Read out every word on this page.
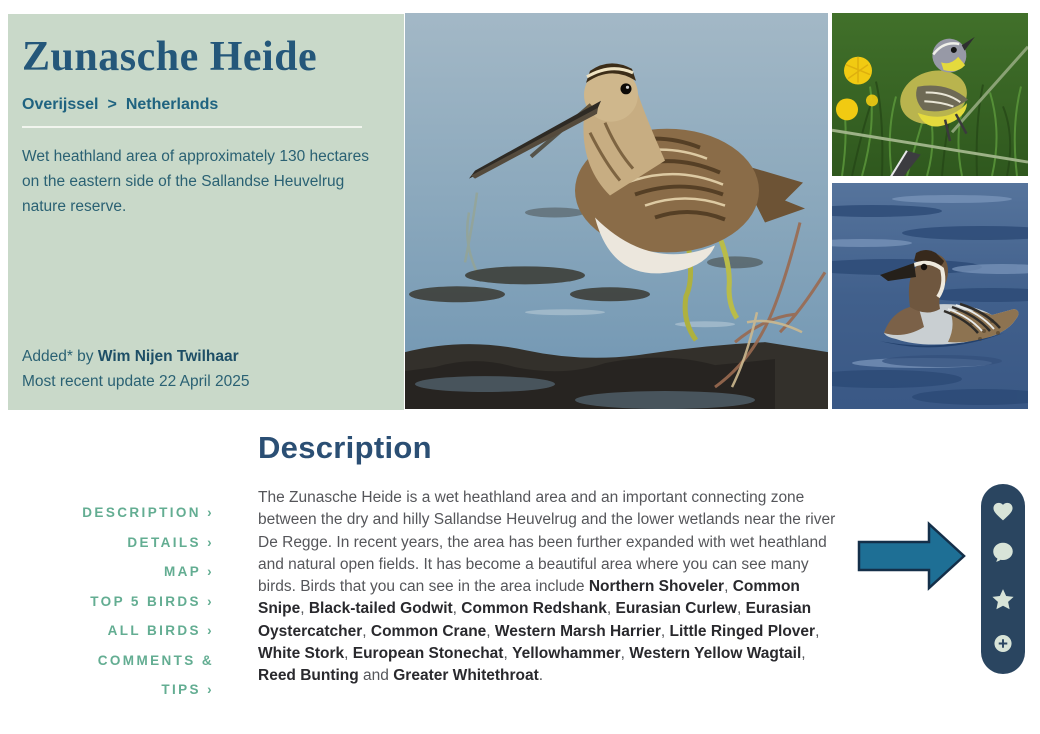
Zunasche Heide
Overijssel > Netherlands

Wet heathland area of approximately 130 hectares on the eastern side of the Sallandse Heuvelrug nature reserve.

Added* by Wim Nijen Twilhaar
Most recent update 22 April 2025
Description
DESCRIPTION ›
DETAILS ›
MAP ›
TOP 5 BIRDS ›
ALL BIRDS ›
COMMENTS &
TIPS ›

The Zunasche Heide is a wet heathland area and an important connecting zone between the dry and hilly Sallandse Heuvelrug and the lower wetlands near the river De Regge. In recent years, the area has been further expanded with wet heathland and natural open fields. It has become a beautiful area where you can see many birds. Birds that you can see in the area include Northern Shoveler, Common Snipe, Black-tailed Godwit, Common Redshank, Eurasian Curlew, Eurasian Oystercatcher, Common Crane, Western Marsh Harrier, Little Ringed Plover, White Stork, European Stonechat, Yellowhammer, Western Yellow Wagtail, Reed Bunting and Greater Whitethroat.
